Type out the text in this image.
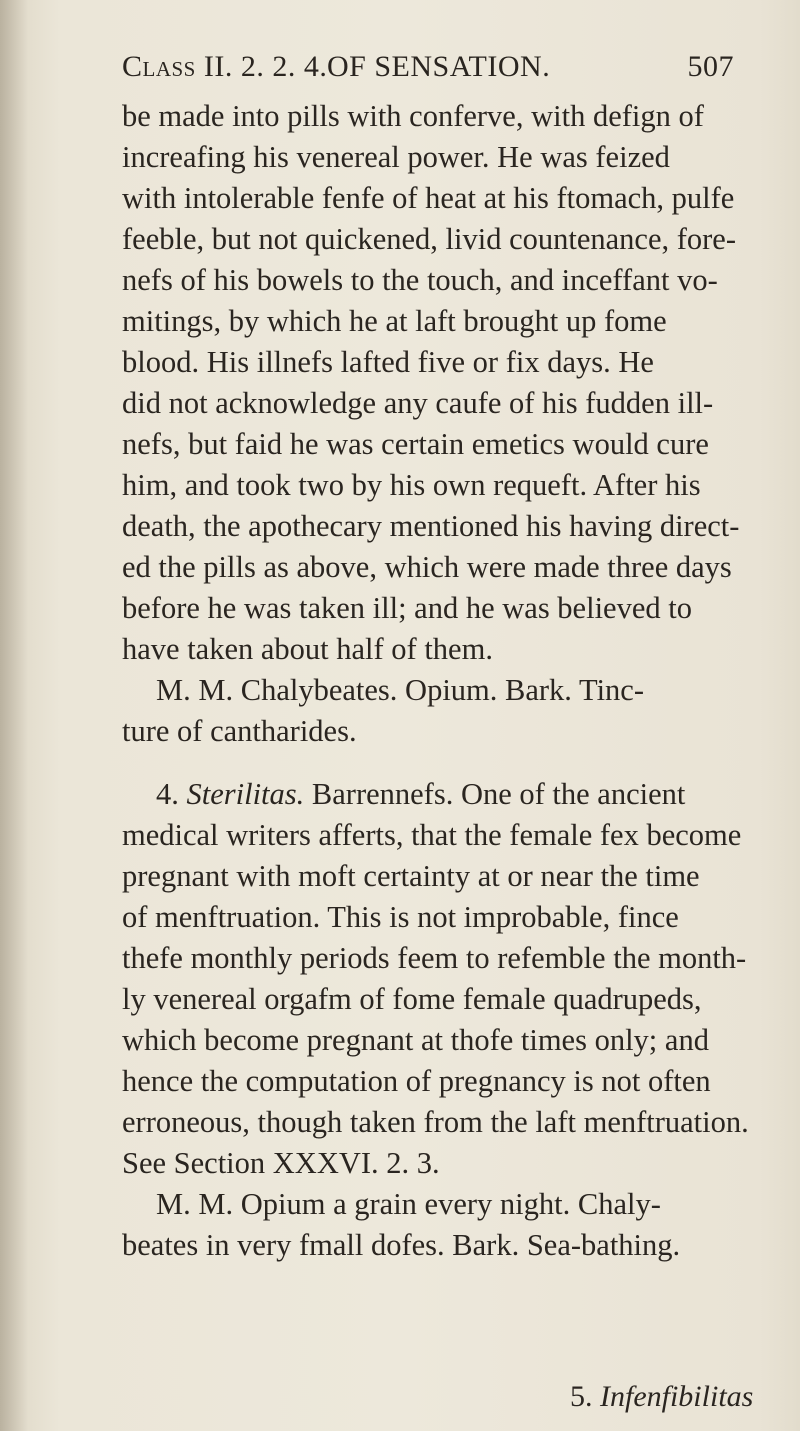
Class II. 2. 2. 4. OF SENSATION.	507
be made into pills with conferve, with defign of
increafing his venereal power. He was feized
with intolerable fenfe of heat at his ftomach, pulfe
feeble, but not quickened, livid countenance, fore-
nefs of his bowels to the touch, and inceffant vo-
mitings, by which he at laft brought up fome
blood. His illnefs lafted five or fix days. He
did not acknowledge any caufe of his fudden ill-
nefs, but faid he was certain emetics would cure
him, and took two by his own requeft. After his
death, the apothecary mentioned his having direct-
ed the pills as above, which were made three days
before he was taken ill; and he was believed to
have taken about half of them.
M. M. Chalybeates. Opium. Bark. Tinc-
ture of cantharides.
4. Sterilitas. Barrennefs. One of the ancient
medical writers afferts, that the female fex become
pregnant with moft certainty at or near the time
of menftruation. This is not improbable, fince
thefe monthly periods feem to refemble the month-
ly venereal orgafm of fome female quadrupeds,
which become pregnant at thofe times only; and
hence the computation of pregnancy is not often
erroneous, though taken from the laft menftruation.
See Section XXXVI. 2. 3.
M. M. Opium a grain every night. Chaly-
beates in very fmall dofes. Bark. Sea-bathing.
5. Infenfibilitas
